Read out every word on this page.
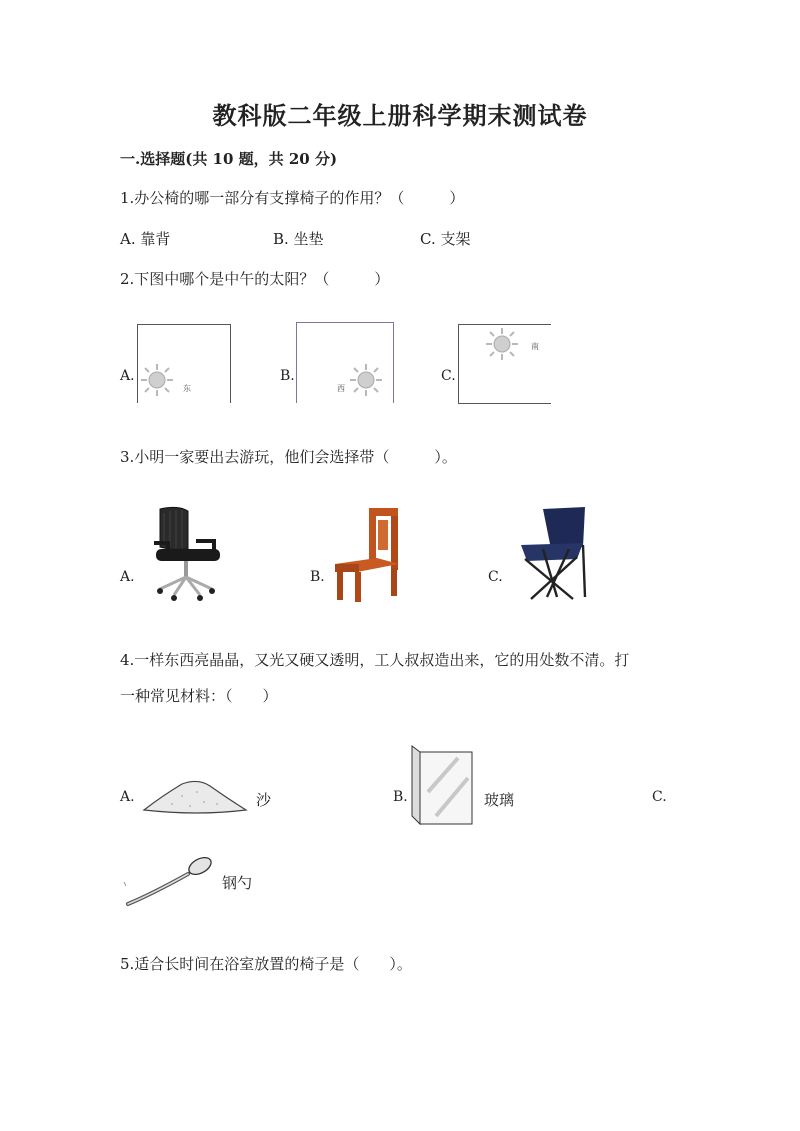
教科版二年级上册科学期末测试卷
一.选择题(共 10 题，共 20 分)
1.办公椅的哪一部分有支撑椅子的作用？（　　　）
A. 靠背	B. 坐垫	C. 支架
2.下图中哪个是中午的太阳？（　　　）
A.
东
B.
西
C.
南
3.小明一家要出去游玩，他们会选择带（　　　）。
A.	B.	C.
4.一样东西亮晶晶，又光又硬又透明，工人叔叔造出来，它的用处数不清。打
一种常见材料：（　　）
A.	沙	B.	玻璃	C.
钢勺
5.适合长时间在浴室放置的椅子是（　　）。
